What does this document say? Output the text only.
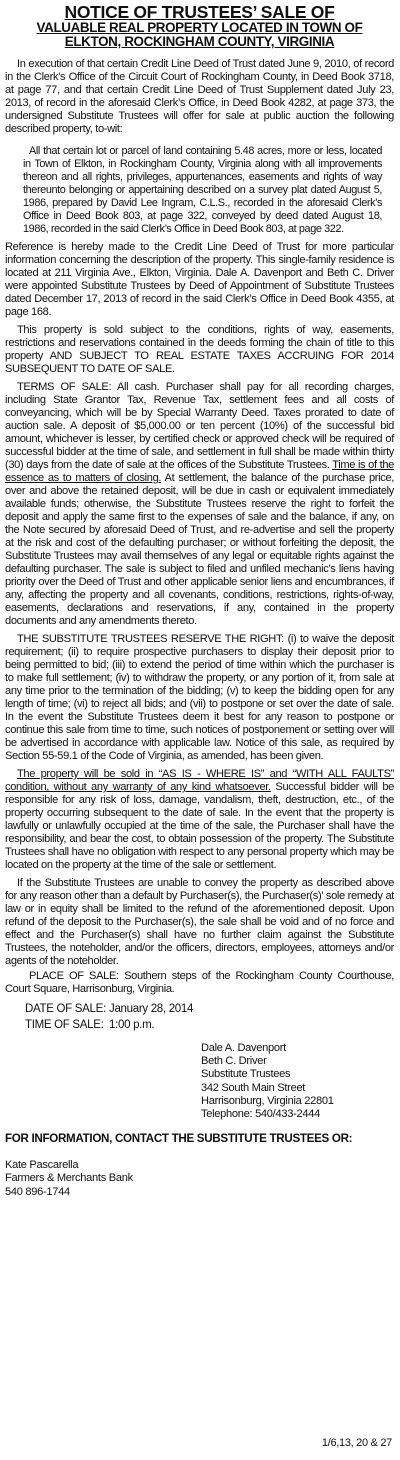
NOTICE OF TRUSTEES’ SALE OF
VALUABLE REAL PROPERTY LOCATED IN TOWN OF
ELKTON, ROCKINGHAM COUNTY, VIRGINIA

In execution of that certain Credit Line Deed of Trust dated June 9, 2010, of record in the Clerk’s Office of the Circuit Court of Rockingham County, in Deed Book 3718, at page 77, and that certain Credit Line Deed of Trust Supplement dated July 23, 2013, of record in the aforesaid Clerk’s Office, in Deed Book 4282, at page 373, the undersigned Substitute Trustees will offer for sale at public auction the following described property, to-wit:

All that certain lot or parcel of land containing 5.48 acres, more or less, located in Town of Elkton, in Rockingham County, Virginia along with all improvements thereon and all rights, privileges, appurtenances, easements and rights of way thereunto belonging or appertaining described on a survey plat dated August 5, 1986, prepared by David Lee Ingram, C.L.S., recorded in the aforesaid Clerk’s Office in Deed Book 803, at page 322, conveyed by deed dated August 18, 1986, recorded in the said Clerk’s Office in Deed Book 803, at page 322.

Reference is hereby made to the Credit Line Deed of Trust for more particular information concerning the description of the property. This single-family residence is located at 211 Virginia Ave., Elkton, Virginia. Dale A. Davenport and Beth C. Driver were appointed Substitute Trustees by Deed of Appointment of Substitute Trustees dated December 17, 2013 of record in the said Clerk’s Office in Deed Book 4355, at page 168.

This property is sold subject to the conditions, rights of way, easements, restrictions and reservations contained in the deeds forming the chain of title to this property AND SUBJECT TO REAL ESTATE TAXES ACCRUING FOR 2014 SUBSEQUENT TO DATE OF SALE.

TERMS OF SALE: All cash. Purchaser shall pay for all recording charges, including State Grantor Tax, Revenue Tax, settlement fees and all costs of conveyancing, which will be by Special Warranty Deed. Taxes prorated to date of auction sale. A deposit of $5,000.00 or ten percent (10%) of the successful bid amount, whichever is lesser, by certified check or approved check will be required of successful bidder at the time of sale, and settlement in full shall be made within thirty (30) days from the date of sale at the offices of the Substitute Trustees. Time is of the essence as to matters of closing. At settlement, the balance of the purchase price, over and above the retained deposit, will be due in cash or equivalent immediately available funds; otherwise, the Substitute Trustees reserve the right to forfeit the deposit and apply the same first to the expenses of sale and the balance, if any, on the Note secured by aforesaid Deed of Trust, and re-advertise and sell the property at the risk and cost of the defaulting purchaser; or without forfeiting the deposit, the Substitute Trustees may avail themselves of any legal or equitable rights against the defaulting purchaser. The sale is subject to filed and unfiled mechanic’s liens having priority over the Deed of Trust and other applicable senior liens and encumbrances, if any, affecting the property and all covenants, conditions, restrictions, rights-of-way, easements, declarations and reservations, if any, contained in the property documents and any amendments thereto.

THE SUBSTITUTE TRUSTEES RESERVE THE RIGHT: (i) to waive the deposit requirement; (ii) to require prospective purchasers to display their deposit prior to being permitted to bid; (iii) to extend the period of time within which the purchaser is to make full settlement; (iv) to withdraw the property, or any portion of it, from sale at any time prior to the termination of the bidding; (v) to keep the bidding open for any length of time; (vi) to reject all bids; and (vii) to postpone or set over the date of sale. In the event the Substitute Trustees deem it best for any reason to postpone or continue this sale from time to time, such notices of postponement or setting over will be advertised in accordance with applicable law. Notice of this sale, as required by Section 55-59.1 of the Code of Virginia, as amended, has been given.

The property will be sold in “AS IS - WHERE IS” and “WITH ALL FAULTS” condition, without any warranty of any kind whatsoever. Successful bidder will be responsible for any risk of loss, damage, vandalism, theft, destruction, etc., of the property occurring subsequent to the date of sale. In the event that the property is lawfully or unlawfully occupied at the time of the sale, the Purchaser shall have the responsibility, and bear the cost, to obtain possession of the property. The Substitute Trustees shall have no obligation with respect to any personal property which may be located on the property at the time of the sale or settlement.

If the Substitute Trustees are unable to convey the property as described above for any reason other than a default by Purchaser(s), the Purchaser(s)’ sole remedy at law or in equity shall be limited to the refund of the aforementioned deposit. Upon refund of the deposit to the Purchaser(s), the sale shall be void and of no force and effect and the Purchaser(s) shall have no further claim against the Substitute Trustees, the noteholder, and/or the officers, directors, employees, attorneys and/or agents of the noteholder.

PLACE OF SALE: Southern steps of the Rockingham County Courthouse, Court Square, Harrisonburg, Virginia.

DATE OF SALE: January 28, 2014
TIME OF SALE: 1:00 p.m.
Dale A. Davenport
Beth C. Driver
Substitute Trustees
342 South Main Street
Harrisonburg, Virginia 22801
Telephone: 540/433-2444
FOR INFORMATION, CONTACT THE SUBSTITUTE TRUSTEES OR:
Kate Pascarella
Farmers & Merchants Bank
540 896-1744
1/6,13, 20 & 27
